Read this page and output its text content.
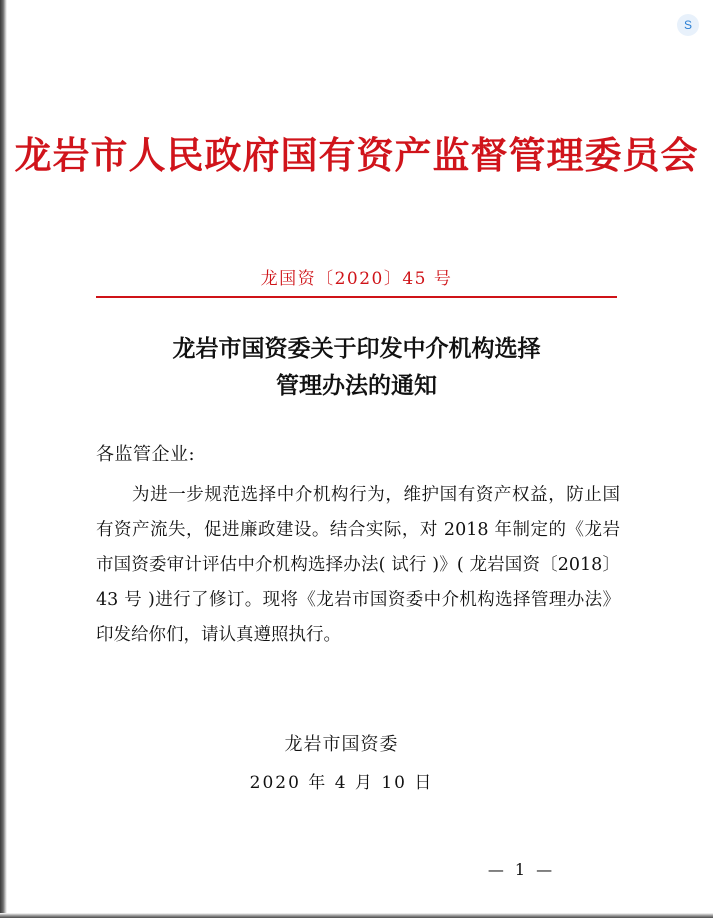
S
龙岩市人民政府国有资产监督管理委员会
龙国资〔2020〕45 号
龙岩市国资委关于印发中介机构选择
管理办法的通知
各监管企业:
为进一步规范选择中介机构行为，维护国有资产权益，防止国有资产流失，促进廉政建设。结合实际，对 2018 年制定的《龙岩市国资委审计评估中介机构选择办法( 试行 )》( 龙岩国资〔2018〕43 号 )进行了修订。现将《龙岩市国资委中介机构选择管理办法》印发给你们，请认真遵照执行。
龙岩市国资委
2020 年 4 月 10 日
— 1 —
